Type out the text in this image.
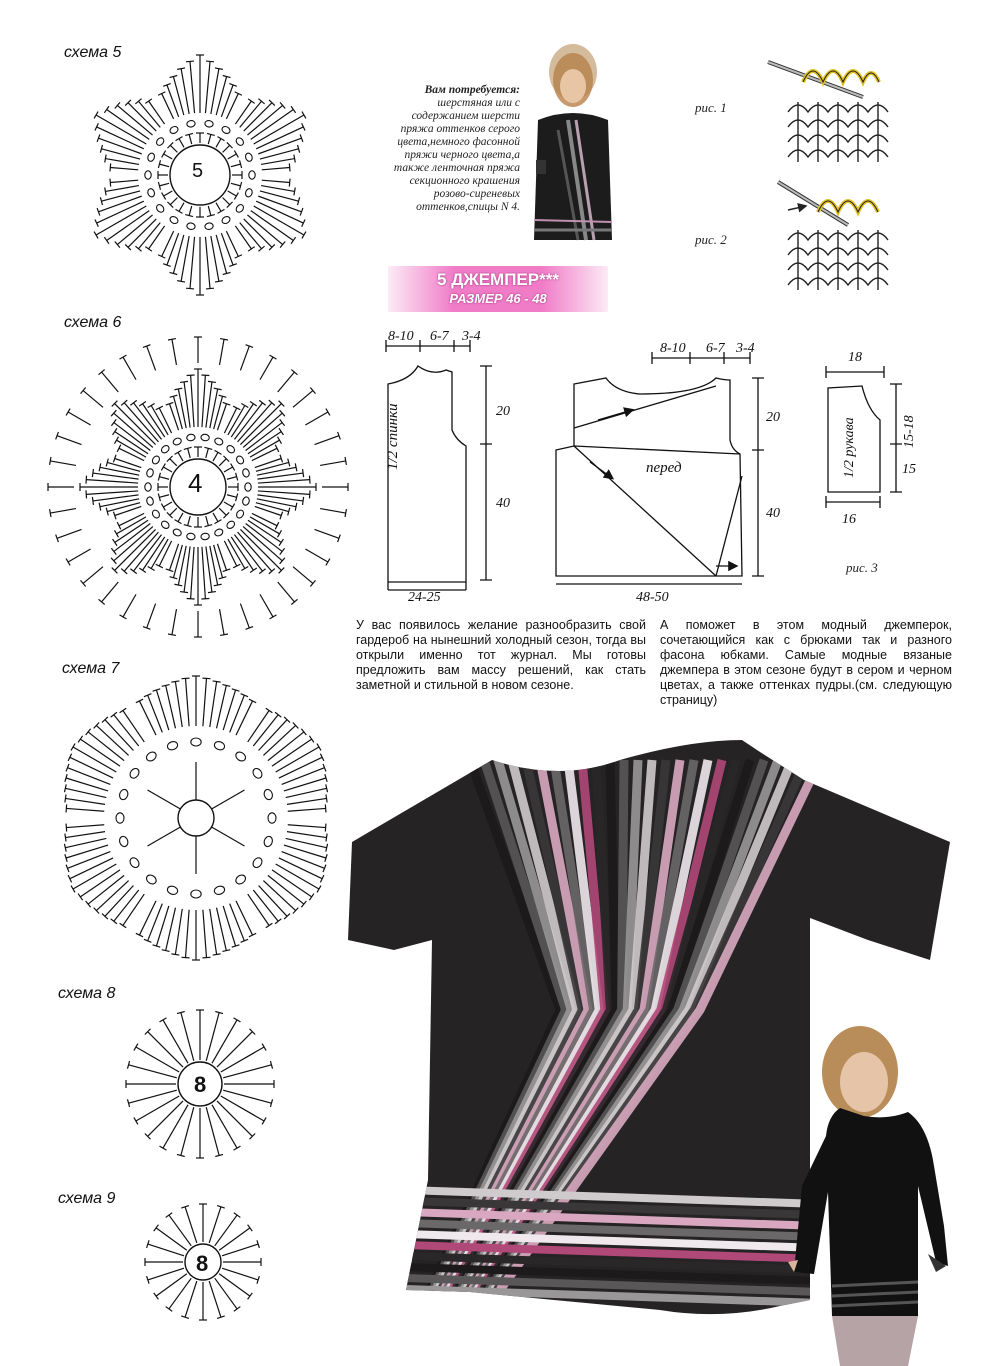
схема 5
схема 6
схема 7
схема 8
схема 9
5
4
8
8
Вам потребуется:
шерстяная или с
содержанием шерсти
пряжа оттенков серого
цвета,немного фасонной
пряжи черного цвета,а
также ленточная пряжа
секционного крашения
розово-сиреневых
оттенков,спицы N 4.
5 ДЖЕМПЕР***
РАЗМЕР 46 - 48
рис. 1
рис. 2
рис. 3
8-10 6-7 3-4
20
40
24-25
1/2 спинки
8-10 6-7 3-4
20
40
48-50
перед
18
16
15-18
15
1/2 рукава
У вас появилось желание разнообразить свой гардероб на нынешний холодный сезон, тогда вы открыли именно тот журнал. Мы готовы предложить вам массу решений, как стать заметной и стильной в новом сезоне.
А поможет в этом модный джемперок, сочетающийся как с брюками так и разного фасона юбками. Самые модные вязаные джемпера в этом сезоне будут в сером и черном цветах, а также оттенках пудры.(см. следующую страницу)
